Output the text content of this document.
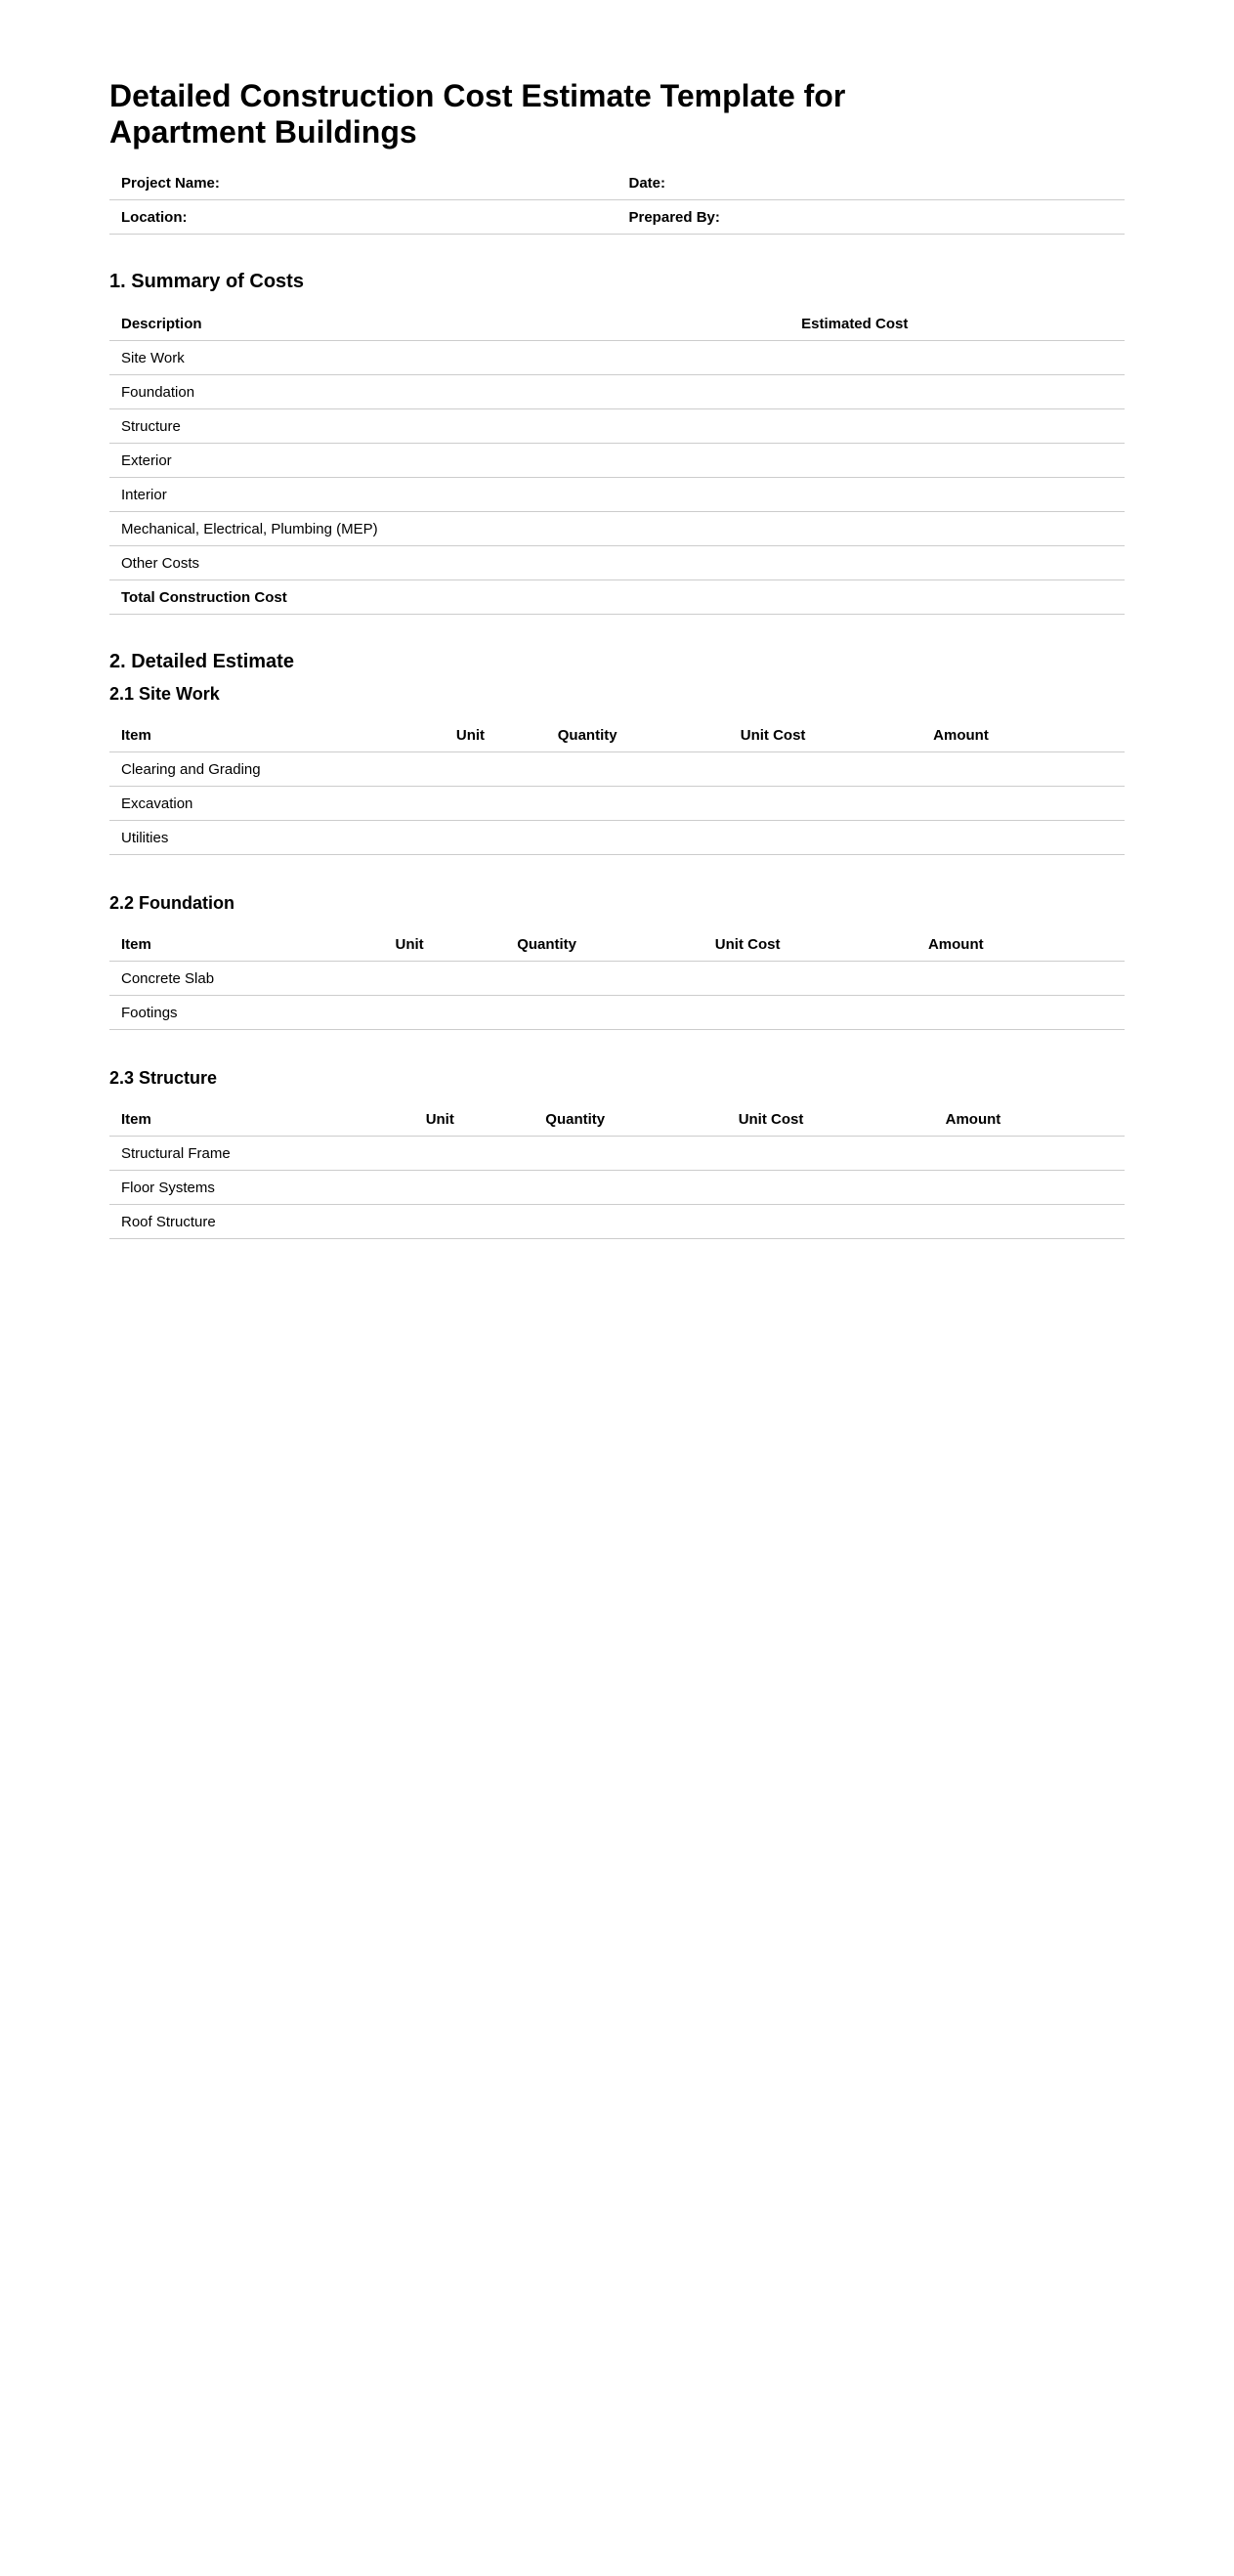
Detailed Construction Cost Estimate Template for Apartment Buildings
Project Name:	Date:
Location:	Prepared By:
1. Summary of Costs
Description	Estimated Cost
Site Work	
Foundation	
Structure	
Exterior	
Interior	
Mechanical, Electrical, Plumbing (MEP)	
Other Costs	
Total Construction Cost	
2. Detailed Estimate
2.1 Site Work
Item	Unit	Quantity	Unit Cost	Amount
Clearing and Grading				
Excavation				
Utilities				
2.2 Foundation
Item	Unit	Quantity	Unit Cost	Amount
Concrete Slab				
Footings				
2.3 Structure
Item	Unit	Quantity	Unit Cost	Amount
Structural Frame				
Floor Systems				
Roof Structure				
